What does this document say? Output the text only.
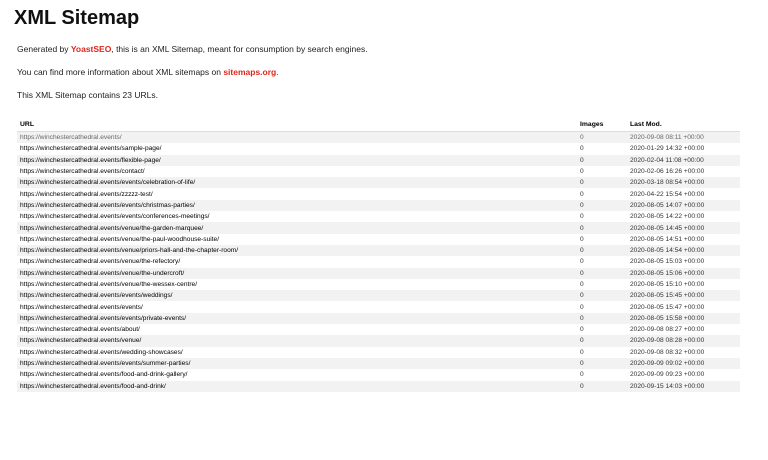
XML Sitemap

Generated by YoastSEO, this is an XML Sitemap, meant for consumption by search engines.

You can find more information about XML sitemaps on sitemaps.org.

This XML Sitemap contains 23 URLs.

URL	Images	Last Mod.
https://winchestercathedral.events/	0	2020-09-08 08:11 +00:00
https://winchestercathedral.events/sample-page/	0	2020-01-29 14:32 +00:00
https://winchestercathedral.events/flexible-page/	0	2020-02-04 11:08 +00:00
https://winchestercathedral.events/contact/	0	2020-02-06 16:26 +00:00
https://winchestercathedral.events/events/celebration-of-life/	0	2020-03-18 08:54 +00:00
https://winchestercathedral.events/zzzzz-test/	0	2020-04-22 15:54 +00:00
https://winchestercathedral.events/events/christmas-parties/	0	2020-08-05 14:07 +00:00
https://winchestercathedral.events/events/conferences-meetings/	0	2020-08-05 14:22 +00:00
https://winchestercathedral.events/venue/the-garden-marquee/	0	2020-08-05 14:45 +00:00
https://winchestercathedral.events/venue/the-paul-woodhouse-suite/	0	2020-08-05 14:51 +00:00
https://winchestercathedral.events/venue/priors-hall-and-the-chapter-room/	0	2020-08-05 14:54 +00:00
https://winchestercathedral.events/venue/the-refectory/	0	2020-08-05 15:03 +00:00
https://winchestercathedral.events/venue/the-undercroft/	0	2020-08-05 15:06 +00:00
https://winchestercathedral.events/venue/the-wessex-centre/	0	2020-08-05 15:10 +00:00
https://winchestercathedral.events/events/weddings/	0	2020-08-05 15:45 +00:00
https://winchestercathedral.events/events/	0	2020-08-05 15:47 +00:00
https://winchestercathedral.events/events/private-events/	0	2020-08-05 15:58 +00:00
https://winchestercathedral.events/about/	0	2020-09-08 08:27 +00:00
https://winchestercathedral.events/venue/	0	2020-09-08 08:28 +00:00
https://winchestercathedral.events/wedding-showcases/	0	2020-09-08 08:32 +00:00
https://winchestercathedral.events/events/summer-parties/	0	2020-09-09 09:02 +00:00
https://winchestercathedral.events/food-and-drink-gallery/	0	2020-09-09 09:23 +00:00
https://winchestercathedral.events/food-and-drink/	0	2020-09-15 14:03 +00:00
